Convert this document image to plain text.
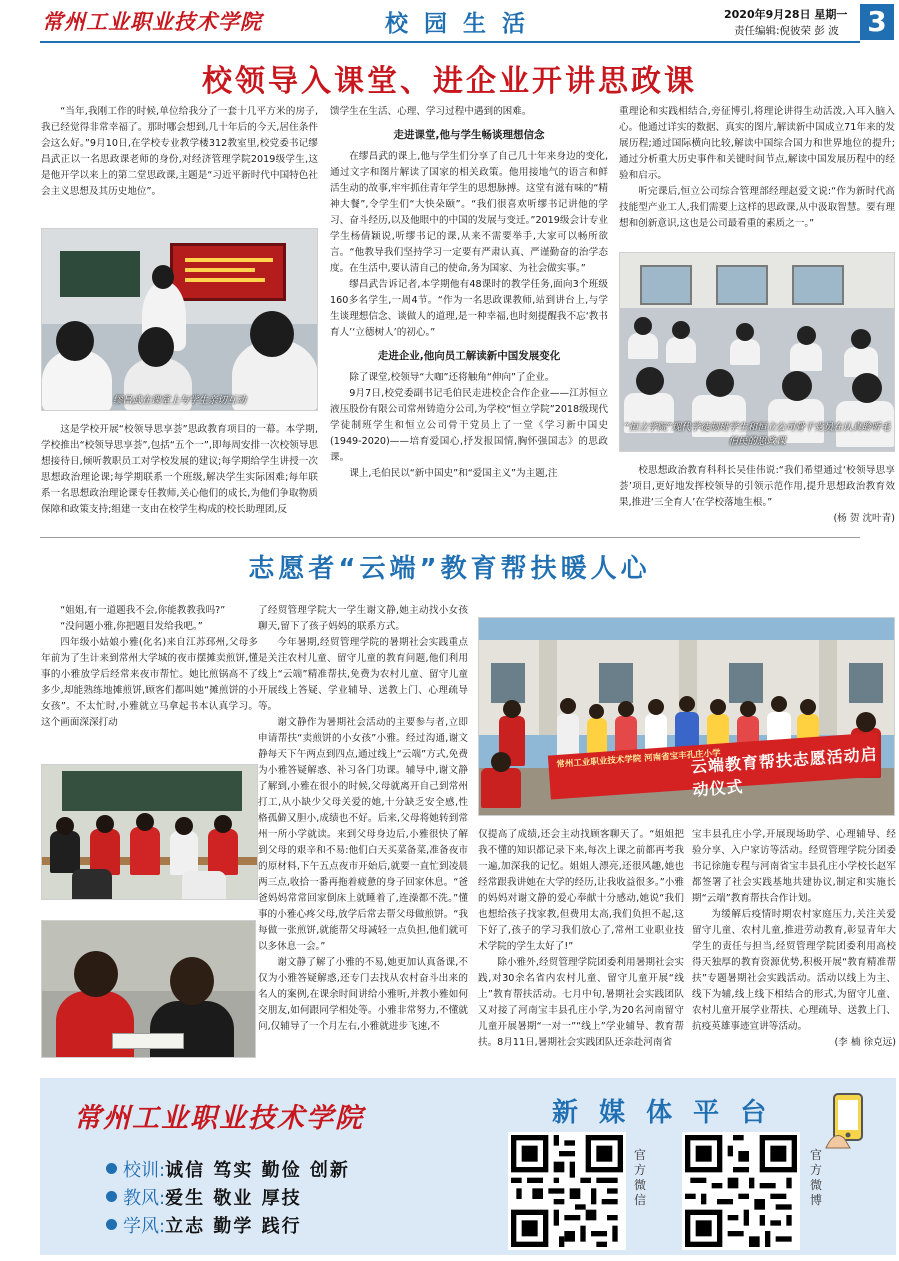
常州工业职业技术学院	校 园 生 活	2020年9月28日 星期一
责任编辑:倪彼荣 彭 波 3
校领导入课堂、进企业开讲思政课

“当年,我刚工作的时候,单位给我分了一套十几平方米的房子,我已经觉得非常幸福了。那时哪会想到,几十年后的今天,居住条件会这么好。”9月10日,在学校专业教学楼312教室里,校党委书记缪昌武正以一名思政课老师的身份,对经济管理学院2019级学生,这是他开学以来上的第二堂思政课,主题是“习近平新时代中国特色社会主义思想及其历史地位”。

缪昌武在课堂上与学生亲切互动

这是学校开展“校领导思享荟”思政教育项目的一幕。本学期,学校推出“校领导思享荟”,包括“五个一”,即每周安排一次校领导思想接待日,倾听教职员工对学校发展的建议;每学期给学生讲授一次思想政治理论课;每学期联系一个班级,解决学生实际困难;每年联系一名思想政治理论课专任教师,关心他们的成长,为他们争取物质保障和政策支持;组建一支由在校学生构成的校长助理团,反

馈学生在生活、心理、学习过程中遇到的困难。

走进课堂,他与学生畅谈理想信念

在缪昌武的课上,他与学生们分享了自己几十年来身边的变化,通过文字和图片解读了国家的相关政策。他用接地气的语言和鲜活生动的故事,牢牢抓住青年学生的思想脉搏。这堂有滋有味的“精神大餐”,令学生们“大快朵颐”。“我们很喜欢听缪书记讲他的学习、奋斗经历,以及他眼中的中国的发展与变迁。”2019级会计专业学生杨倩颖说,听缪书记的课,从来不需要举手,大家可以畅所欲言。“他教导我们坚持学习一定要有严肃认真、严谨勤奋的治学态度。在生活中,要认清自己的使命,务为国家、为社会做实事。”

缪昌武告诉记者,本学期他有48课时的教学任务,面向3个班级160多名学生,一周4节。“作为一名思政课教师,站到讲台上,与学生谈理想信念、谈做人的道理,是一种幸福,也时刻提醒我不忘‘教书育人’‘立德树人’的初心。”

走进企业,他向员工解读新中国发展变化

除了课堂,校领导“大咖”还将触角“伸向”了企业。

9月7日,校党委副书记毛伯民走进校企合作企业——江苏恒立液压股份有限公司常州铸造分公司,为学校“恒立学院”2018级现代学徒制班学生和恒立公司骨干党员上了一堂《学习新中国史(1949-2020)——培育爱国心,抒发报国情,胸怀强国志》的思政课。

课上,毛伯民以“新中国史”和“爱国主义”为主题,注

重理论和实践相结合,旁征博引,将理论讲得生动活泼,入耳入脑入心。他通过详实的数据、真实的图片,解读新中国成立71年来的发展历程;通过国际横向比较,解读中国综合国力和世界地位的提升;通过分析重大历史事件和关键时间节点,解读中国发展历程中的经验和启示。

听完课后,恒立公司综合管理部经理赵爱文说:“作为新时代高技能型产业工人,我们需要上这样的思政课,从中汲取智慧。要有理想和创新意识,这也是公司最看重的素质之一。”

“恒立学院”现代学徒制班学生和恒立公司骨干党员在认真聆听毛伯民的思政课

校思想政治教育科科长吴佳伟说:“我们希望通过‘校领导思享荟’项目,更好地发挥校领导的引领示范作用,提升思想政治教育效果,推进‘三全育人’在学校落地生根。”

(杨 贺 沈叶青)

志愿者“云端”教育帮扶暖人心

“姐姐,有一道题我不会,你能教教我吗?”

“没问题小雅,你把题目发给我吧。”

四年级小姑娘小雅(化名)来自江苏邳州,父母多年前为了生计来到常州大学城的夜市摆摊卖煎饼,懂事的小雅放学后经常来夜市帮忙。她比煎锅高不了多少,却能熟练地摊煎饼,顾客们都叫她“摊煎饼的小女孩”。不太忙时,小雅就立马拿起书本认真学习。这个画面深深打动

了经贸管理学院大一学生谢文静,她主动找小女孩聊天,留下了孩子妈妈的联系方式。

今年暑期,经贸管理学院的暑期社会实践重点是关注农村儿童、留守儿童的教育问题,他们利用线上“云端”精准帮扶,免费为农村儿童、留守儿童开展线上答疑、学业辅导、送教上门、心理疏导等。

谢文静作为暑期社会活动的主要参与者,立即申请帮扶“卖煎饼的小女孩”小雅。经过沟通,谢文静每天下午两点到四点,通过线上“云端”方式,免费为小雅答疑解惑、补习各门功课。辅导中,谢文静了解到,小雅在很小的时候,父母就离开自己到常州打工,从小缺少父母关爱的她,十分缺乏安全感,性格孤僻又胆小,成绩也不好。后来,父母将她转到常州一所小学就读。来到父母身边后,小雅很快了解到父母的艰辛和不易:他们白天买菜备菜,准备夜市的原材料,下午五点夜市开始后,就要一直忙到凌晨两三点,收拾一番再拖着疲惫的身子回家休息。“爸爸妈妈常常回家倒床上就睡着了,连澡都不洗。”懂事的小雅心疼父母,放学后常去帮父母做煎饼。“我每做一张煎饼,就能帮父母减轻一点负担,他们就可以多休息一会。”

谢文静了解了小雅的不易,她更加认真备课,不仅为小雅答疑解惑,还专门去找从农村奋斗出来的名人的案例,在课余时间讲给小雅听,并教小雅如何交朋友,如何跟同学相处等。小雅非常努力,不懂就问,仅辅导了一个月左右,小雅就进步飞速,不

常州工业职业技术学院 河南省宝丰孔庄小学
云端教育帮扶志愿活动启动仪式

仅提高了成绩,还会主动找顾客聊天了。“姐姐把我不懂的知识都记录下来,每次上课之前都再考我一遍,加深我的记忆。姐姐人漂亮,还很风趣,她也经常跟我讲她在大学的经历,让我收益很多。”小雅的妈妈对谢文静的爱心奉献十分感动,她说“我们也想给孩子找家教,但费用太高,我们负担不起,这下好了,孩子的学习我们放心了,常州工业职业技术学院的学生太好了!”

除小雅外,经贸管理学院团委利用暑期社会实践,对30余名省内农村儿童、留守儿童开展“线上”教育帮扶活动。七月中旬,暑期社会实践团队又对接了河南宝丰县孔庄小学,为20名河南留守儿童开展暑期“一对一”“线上”学业辅导、教育帮扶。8月11日,暑期社会实践团队还亲赴河南省

宝丰县孔庄小学,开展现场助学、心理辅导、经验分享、入户家访等活动。经贸管理学院分团委书记徐施专程与河南省宝丰县孔庄小学校长赵军都签署了社会实践基地共建协议,制定和实施长期“云端”教育帮扶合作计划。

为缓解后疫情时期农村家庭压力,关注关爱留守儿童、农村儿童,推进劳动教育,彰显青年大学生的责任与担当,经贸管理学院团委利用高校得天独厚的教育资源优势,积极开展“教育精准帮扶”专题暑期社会实践活动。活动以线上为主、线下为辅,线上线下相结合的形式,为留守儿童、农村儿童开展学业帮扶、心理疏导、送教上门、抗疫英雄事迹宣讲等活动。

(李 楠 徐克远)

常州工业职业技术学院
校训:诚信 笃实 勤俭 创新
教风:爱生 敬业 厚技
学风:立志 勤学 践行
新 媒 体 平 台
官方微信
官方微博
